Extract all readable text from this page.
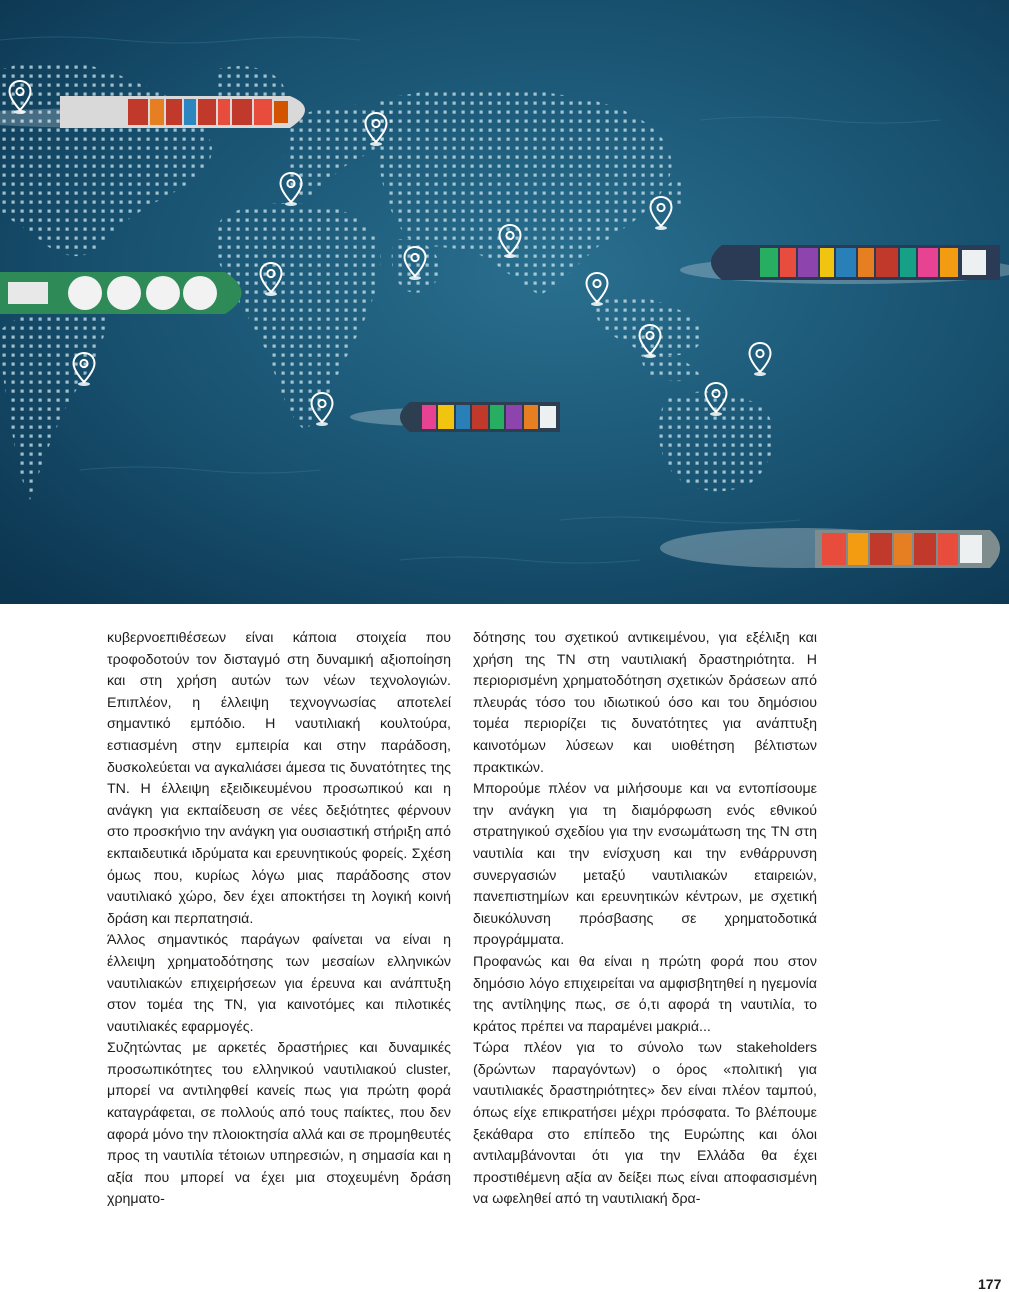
κυβερνοεπιθέσεων είναι κάποια στοιχεία που τροφοδοτούν τον δισταγμό στη δυναμική αξιοποίηση και στη χρήση αυτών των νέων τεχνολογιών. Επιπλέον, η έλλειψη τεχνογνωσίας αποτελεί σημαντικό εμπόδιο. Η ναυτιλιακή κουλτούρα, εστιασμένη στην εμπειρία και στην παράδοση, δυσκολεύεται να αγκαλιάσει άμεσα τις δυνατότητες της ΤΝ. Η έλλειψη εξειδικευμένου προσωπικού και η ανάγκη για εκπαίδευση σε νέες δεξιότητες φέρνουν στο προσκήνιο την ανάγκη για ουσιαστική στήριξη από εκπαιδευτικά ιδρύματα και ερευνητικούς φορείς. Σχέση όμως που, κυρίως λόγω μιας παράδοσης στον ναυτιλιακό χώρο, δεν έχει αποκτήσει τη λογική κοινή δράση και περπατησιά.

Άλλος σημαντικός παράγων φαίνεται να είναι η έλλειψη χρηματοδότησης των μεσαίων ελληνικών ναυτιλιακών επιχειρήσεων για έρευνα και ανάπτυξη στον τομέα της ΤΝ, για καινοτόμες και πιλοτικές ναυτιλιακές εφαρμογές.

Συζητώντας με αρκετές δραστήριες και δυναμικές προσωπικότητες του ελληνικού ναυτιλιακού cluster, μπορεί να αντιληφθεί κανείς πως για πρώτη φορά καταγράφεται, σε πολλούς από τους παίκτες, που δεν αφορά μόνο την πλοιοκτησία αλλά και σε προμηθευτές προς τη ναυτιλία τέτοιων υπηρεσιών, η σημασία και η αξία που μπορεί να έχει μια στοχευμένη δράση χρηματο-

δότησης του σχετικού αντικειμένου, για εξέλιξη και χρήση της ΤΝ στη ναυτιλιακή δραστηριότητα. Η περιορισμένη χρηματοδότηση σχετικών δράσεων από πλευράς τόσο του ιδιωτικού όσο και του δημόσιου τομέα περιορίζει τις δυνατότητες για ανάπτυξη καινοτόμων λύσεων και υιοθέτηση βέλτιστων πρακτικών.

Μπορούμε πλέον να μιλήσουμε και να εντοπίσουμε την ανάγκη για τη διαμόρφωση ενός εθνικού στρατηγικού σχεδίου για την ενσωμάτωση της ΤΝ στη ναυτιλία και την ενίσχυση και την ενθάρρυνση συνεργασιών μεταξύ ναυτιλιακών εταιρειών, πανεπιστημίων και ερευνητικών κέντρων, με σχετική διευκόλυνση πρόσβασης σε χρηματοδοτικά προγράμματα.

Προφανώς και θα είναι η πρώτη φορά που στον δημόσιο λόγο επιχειρείται να αμφισβητηθεί η ηγεμονία της αντίληψης πως, σε ό,τι αφορά τη ναυτιλία, το κράτος πρέπει να παραμένει μακριά...

Τώρα πλέον για το σύνολο των stakeholders (δρώντων παραγόντων) ο όρος «πολιτική για ναυτιλιακές δραστηριότητες» δεν είναι πλέον ταμπού, όπως είχε επικρατήσει μέχρι πρόσφατα. Το βλέπουμε ξεκάθαρα στο επίπεδο της Ευρώπης και όλοι αντιλαμβάνονται ότι για την Ελλάδα θα έχει προστιθέμενη αξία αν δείξει πως είναι αποφασισμένη να ωφεληθεί από τη ναυτιλιακή δρα-

177
